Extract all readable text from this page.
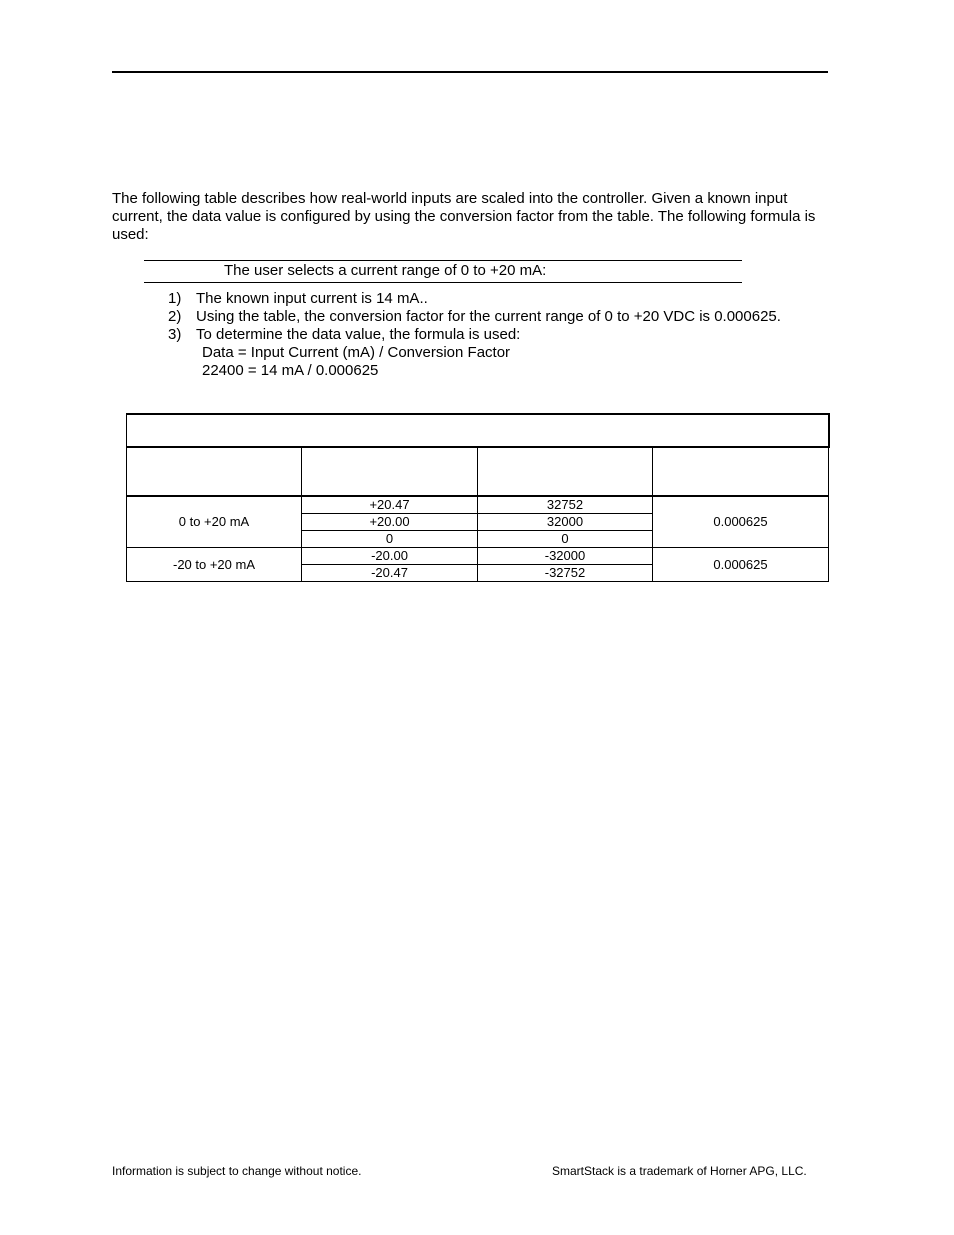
The following table describes how real-world inputs are scaled into the controller. Given a known input current, the data value is configured by using the conversion factor from the table. The following formula is used:

The user selects a current range of 0 to +20 mA:
1) The known input current is 14 mA..
2) Using the table, the conversion factor for the current range of 0 to +20 VDC is 0.000625.
3) To determine the data value, the formula is used:
Data = Input Current (mA) / Conversion Factor
22400 = 14 mA / 0.000625

0 to +20 mA	+20.47	32752	0.000625
	+20.00	32000	
	0	0	
-20 to +20 mA	-20.00	-32000	0.000625
	-20.47	-32752	
Information is subject to change without notice.	SmartStack is a trademark of Horner APG, LLC.
